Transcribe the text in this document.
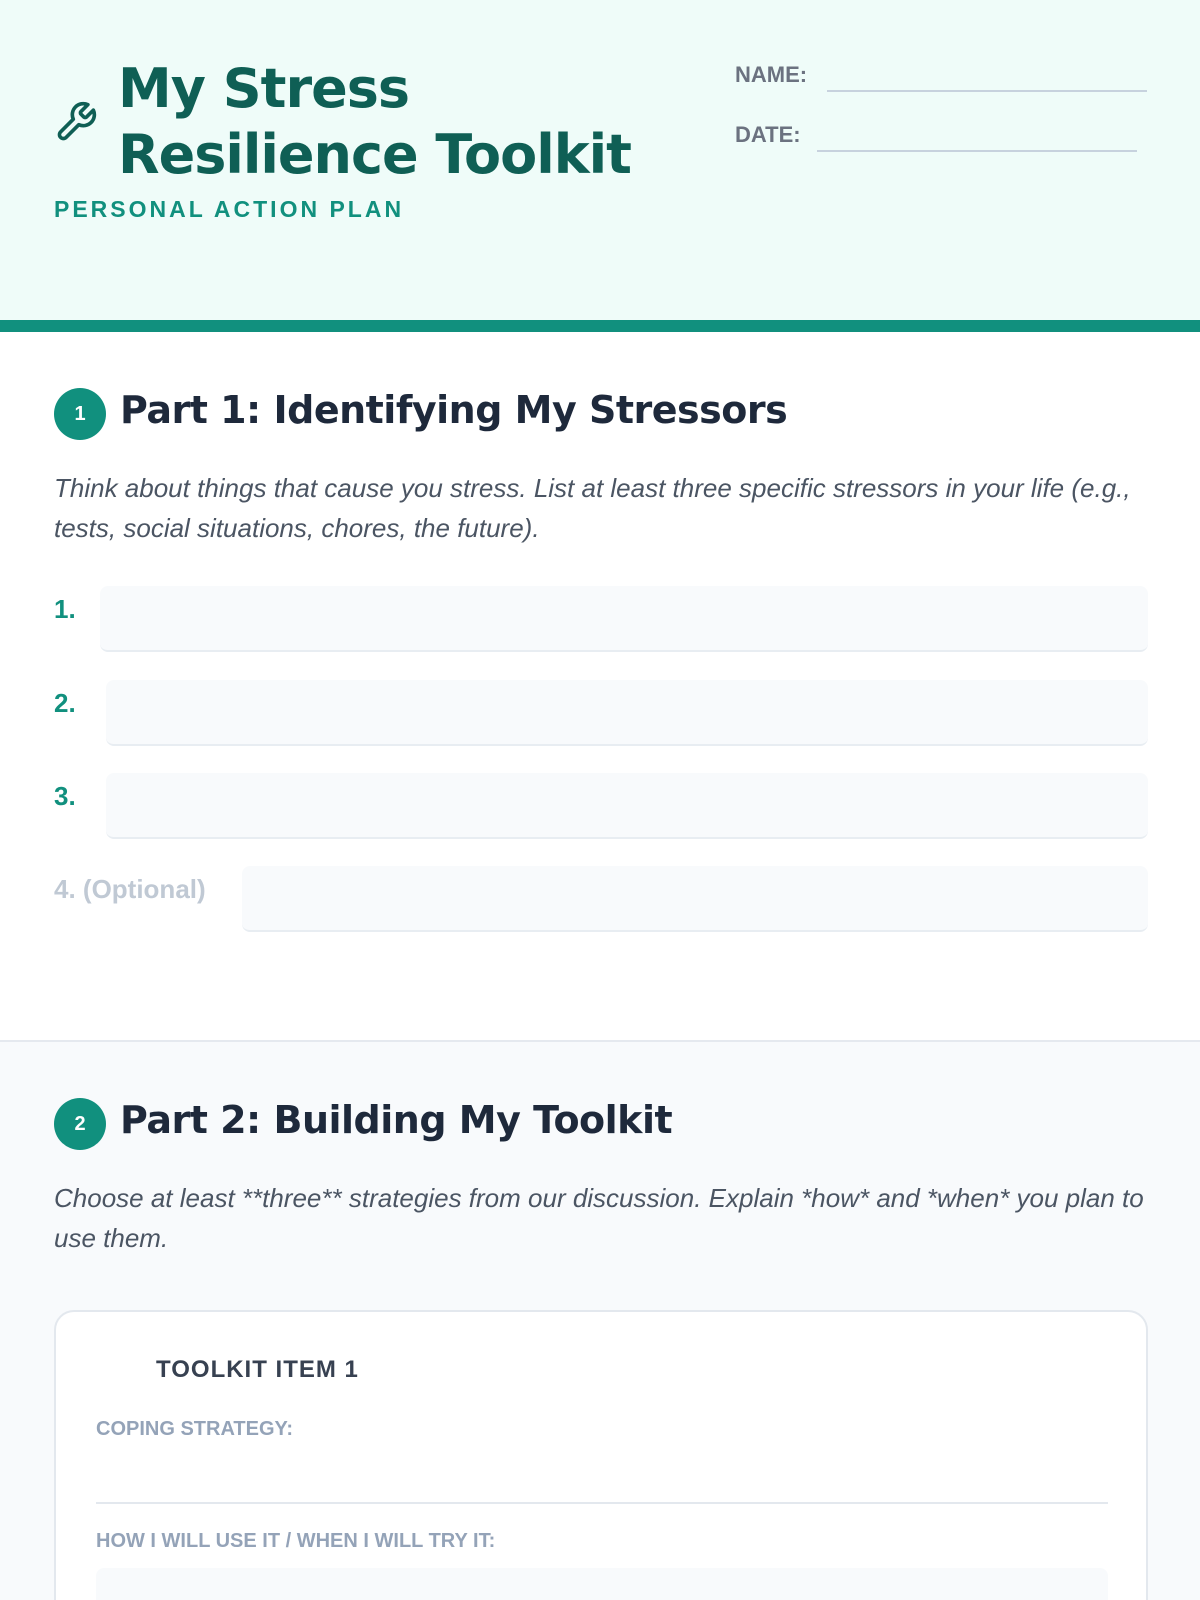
My Stress
Resilience Toolkit
PERSONAL ACTION PLAN
NAME:
DATE:
1 Part 1: Identifying My Stressors
Think about things that cause you stress. List at least three specific stressors in your life (e.g., tests, social situations, chores, the future).
1.
2.
3.
4. (Optional)
2 Part 2: Building My Toolkit
Choose at least **three** strategies from our discussion. Explain *how* and *when* you plan to use them.
TOOLKIT ITEM 1
COPING STRATEGY:
HOW I WILL USE IT / WHEN I WILL TRY IT:
